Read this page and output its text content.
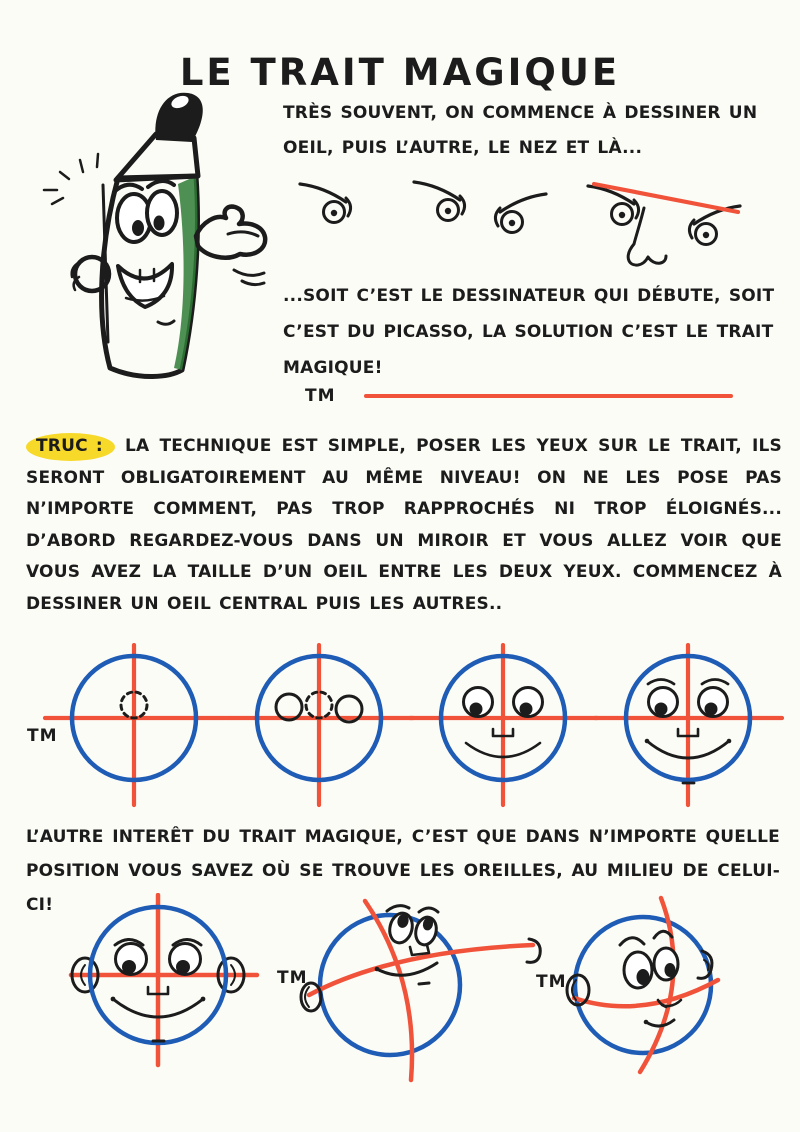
LE TRAIT MAGIQUE

TRÈS SOUVENT, ON COMMENCE À DESSINER UN OEIL, PUIS L’AUTRE, LE NEZ ET LÀ...

...SOIT C’EST LE DESSINATEUR QUI DÉBUTE, SOIT C’EST DU PICASSO, LA SOLUTION C’EST LE TRAIT MAGIQUE!

TM

TRUC : LA TECHNIQUE EST SIMPLE, POSER LES YEUX SUR LE TRAIT, ILS SERONT OBLIGATOIREMENT AU MÊME NIVEAU! ON NE LES POSE PAS N’IMPORTE COMMENT, PAS TROP RAPPROCHÉS NI TROP ÉLOIGNÉS... D’ABORD REGARDEZ-VOUS DANS UN MIROIR ET VOUS ALLEZ VOIR QUE VOUS AVEZ LA TAILLE D’UN OEIL ENTRE LES DEUX YEUX. COMMENCEZ À DESSINER UN OEIL CENTRAL PUIS LES AUTRES..

TM

L’AUTRE INTERÊT DU TRAIT MAGIQUE, C’EST QUE DANS N’IMPORTE QUELLE POSITION VOUS SAVEZ OÙ SE TROUVE LES OREILLES, AU MILIEU DE CELUI-CI!

TM	TM
